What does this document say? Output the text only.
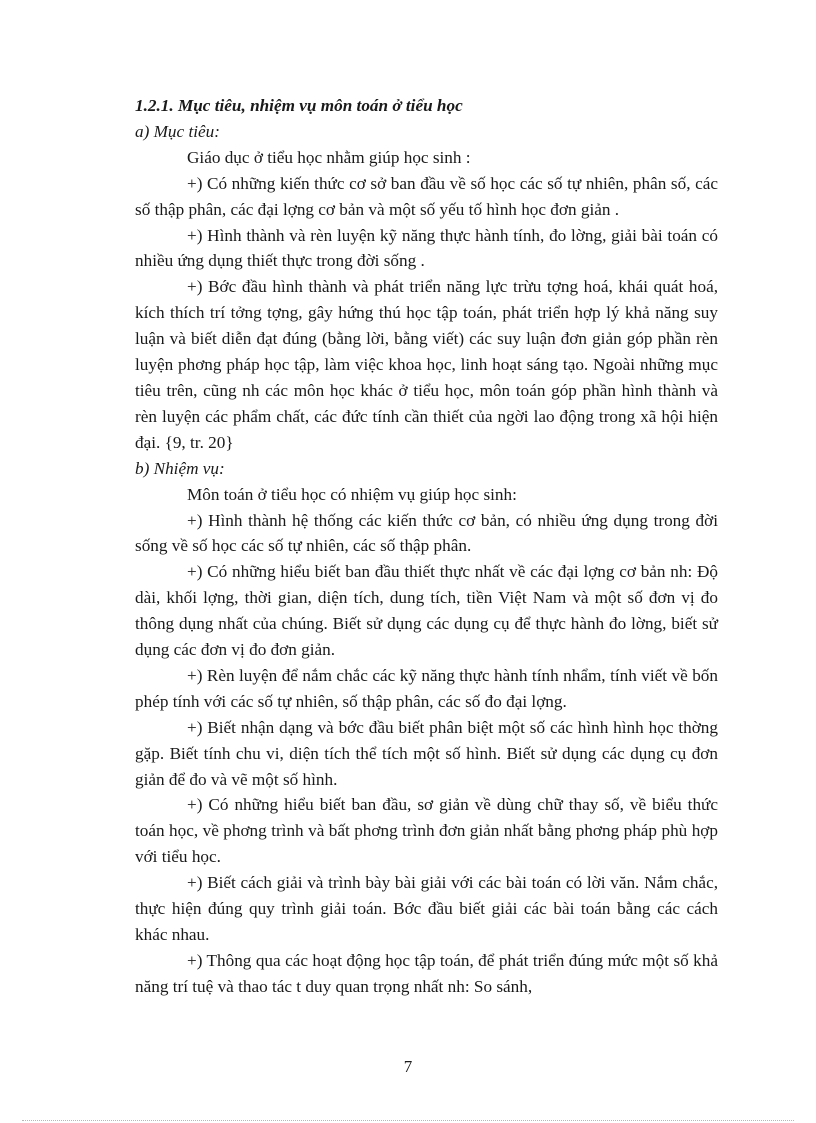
1.2.1. Mục tiêu, nhiệm vụ môn toán ở tiểu học

a) Mục tiêu:

Giáo dục ở tiểu học nhằm giúp học sinh :

+) Có những kiến thức cơ sở ban đầu về số học các số tự nhiên, phân số, các số thập phân, các đại lợng cơ bản và một số yếu tố hình học đơn giản .

+) Hình thành và rèn luyện kỹ năng thực hành tính, đo lờng, giải bài toán có nhiều ứng dụng thiết thực trong đời sống .

+) Bớc đầu hình thành và phát triển năng lực trừu tợng hoá, khái quát hoá, kích thích trí tởng tợng, gây hứng thú học tập toán, phát triển hợp lý khả năng suy luận và biết diễn đạt đúng (bằng lời, bằng viết) các suy luận đơn giản góp phần rèn luyện phơng pháp học tập, làm việc khoa học, linh hoạt sáng tạo. Ngoài những mục tiêu trên, cũng nh các môn học khác ở tiểu học, môn toán góp phần hình thành và rèn luyện các phẩm chất, các đức tính cần thiết của ngời lao động trong xã hội hiện đại. {9, tr. 20}

b) Nhiệm vụ:

Môn toán ở tiểu học có nhiệm vụ giúp học sinh:

+) Hình thành hệ thống các kiến thức cơ bản, có nhiều ứng dụng trong đời sống về số học các số tự nhiên, các số thập phân.

+) Có những hiểu biết ban đầu thiết thực nhất về các đại lợng cơ bản nh: Độ dài, khối lợng, thời gian, diện tích, dung tích, tiền Việt Nam và một số đơn vị đo thông dụng nhất của chúng. Biết sử dụng các dụng cụ để thực hành đo lờng, biết sử dụng các đơn vị đo đơn giản.

+) Rèn luyện để nắm chắc các kỹ năng thực hành tính nhẩm, tính viết về bốn phép tính với các số tự nhiên, số thập phân, các số đo đại lợng.

+) Biết nhận dạng và bớc đầu biết phân biệt một số các hình hình học thờng gặp. Biết tính chu vi, diện tích thể tích một số hình. Biết sử dụng các dụng cụ đơn giản để đo và vẽ một số hình.

+) Có những hiểu biết ban đầu, sơ giản về dùng chữ thay số, về biểu thức toán học, về phơng trình và bất phơng trình đơn giản nhất bằng phơng pháp phù hợp với tiểu học.

+) Biết cách giải và trình bày bài giải với các bài toán có lời văn. Nắm chắc, thực hiện đúng quy trình giải toán. Bớc đầu biết giải các bài toán bằng các cách khác nhau.

+) Thông qua các hoạt động học tập toán, để phát triển đúng mức một số khả năng trí tuệ và thao tác t duy quan trọng nhất nh: So sánh,

7
